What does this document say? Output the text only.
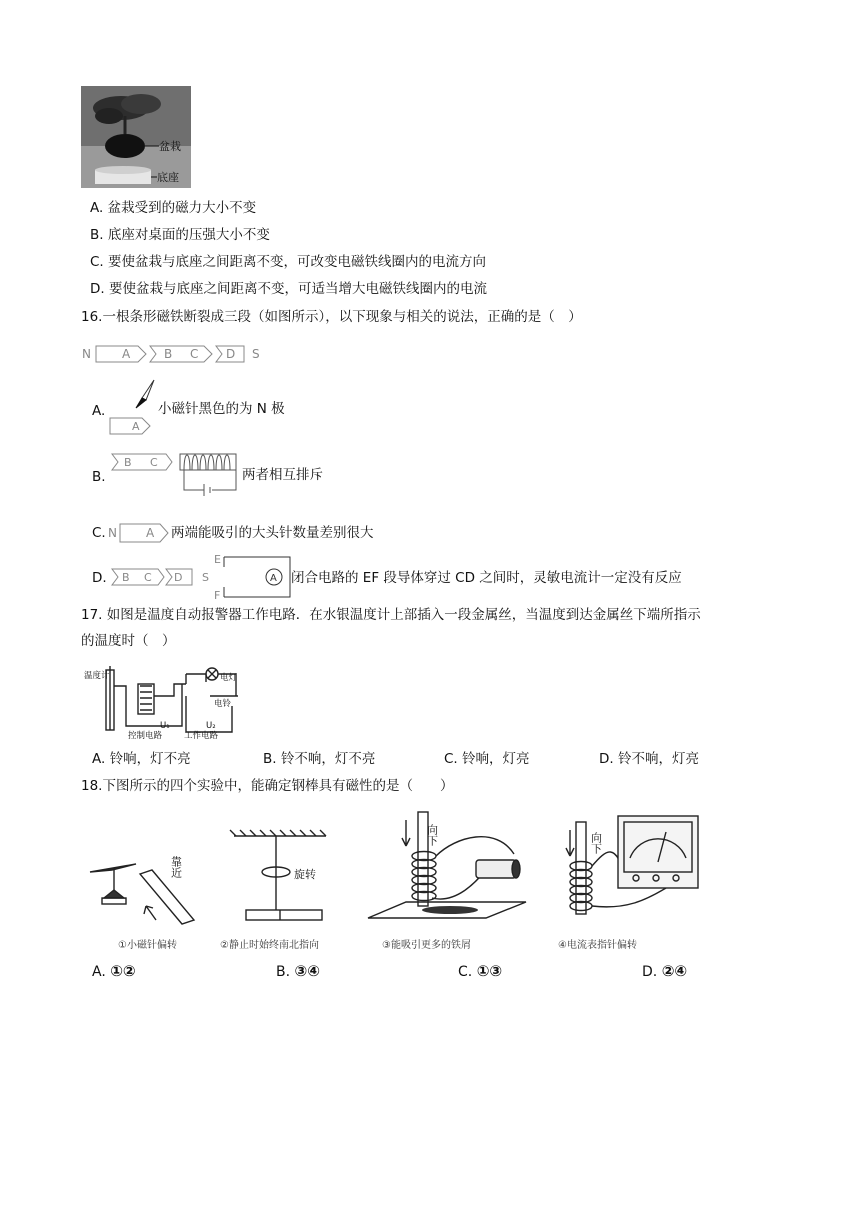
盆栽
底座
A. 盆栽受到的磁力大小不变
B. 底座对桌面的压强大小不变
C. 要使盆栽与底座之间距离不变，可改变电磁铁线圈内的电流方向
D. 要使盆栽与底座之间距离不变，可适当增大电磁铁线圈内的电流
16.一根条形磁铁断裂成三段（如图所示），以下现象与相关的说法，正确的是（　）
N	A	B C D S
A.
A
小磁针黑色的为 N 极
B.
B C
两者相互排斥
C. N A 两端能吸引的大头针数量差别很大
D. B C D S
E
F
A 闭合电路的 EF 段导体穿过 CD 之间时，灵敏电流计一定没有反应
17. 如图是温度自动报警器工作电路．在水银温度计上部插入一段金属丝，当温度到达金属丝下端所指示
的温度时（　）
温度计
控制电路	工作电路
电灯
电铃
U₁	U₂
A. 铃响，灯不亮	B. 铃不响，灯不亮	C. 铃响，灯亮	D. 铃不响，灯亮
18.下图所示的四个实验中，能确定钢棒具有磁性的是（　　）
靠近
①小磁针偏转
旋转
②静止时始终南北指向
向下
③能吸引更多的铁屑
向下
④电流表指针偏转
A. ①②	B. ③④	C. ①③	D. ②④
